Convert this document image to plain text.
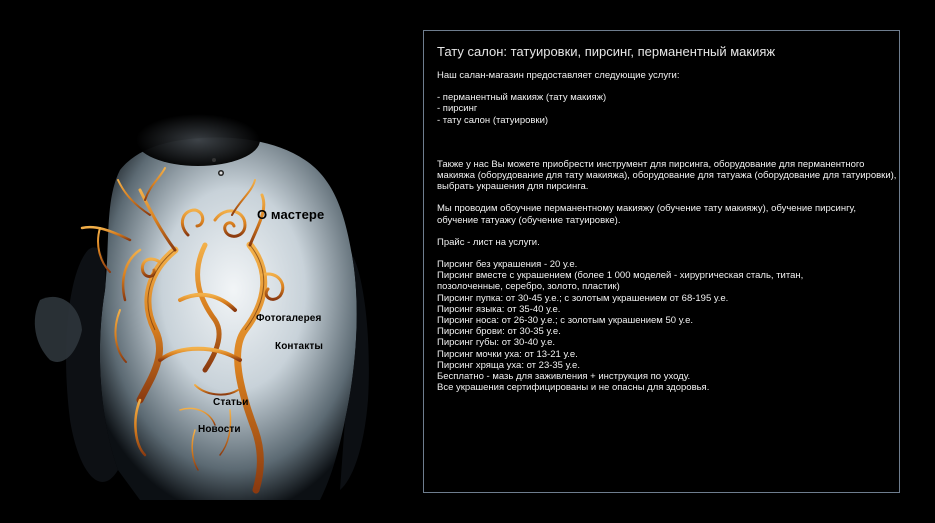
О мастере
Фотогалерея
Контакты
Статьи
Новости
Тату салон: татуировки, пирсинг, перманентный макияж

Наш салан-магазин предоставляет следующие услуги:

- перманентный макияж (тату макияж)

- пирсинг

- тату салон (татуировки)

Также у нас Вы можете приобрести инструмент для пирсинга, оборудование для перманентного

макияжа (оборудование для тату макияжа), оборудование для татуажа (оборудование для татуировки),

выбрать украшения для пирсинга.

Мы проводим обоучние перманентному макияжу (обучение тату макияжу), обучение пирсингу,

обучение татуажу (обучение татуировке).

Прайс - лист на услуги.

Пирсинг без украшения - 20 у.е.

Пирсинг вместе с украшением (более 1 000 моделей - хирургическая сталь, титан,

позолоченные, серебро, золото, пластик)

Пирсинг пупка: от 30-45 у.е.; с золотым украшением от 68-195 у.е.

Пирсинг языка: от 35-40 у.е.

Пирсинг носа: от 26-30 у.е.; с золотым украшением 50 у.е.

Пирсинг брови: от 30-35 у.е.

Пирсинг губы: от 30-40 у.е.

Пирсинг мочки уха: от 13-21 у.е.

Пирсинг хряща уха: от 23-35 у.е.

Бесплатно - мазь для заживления + инструкция по уходу.

Все украшения сертифицированы и не опасны для здоровья.
